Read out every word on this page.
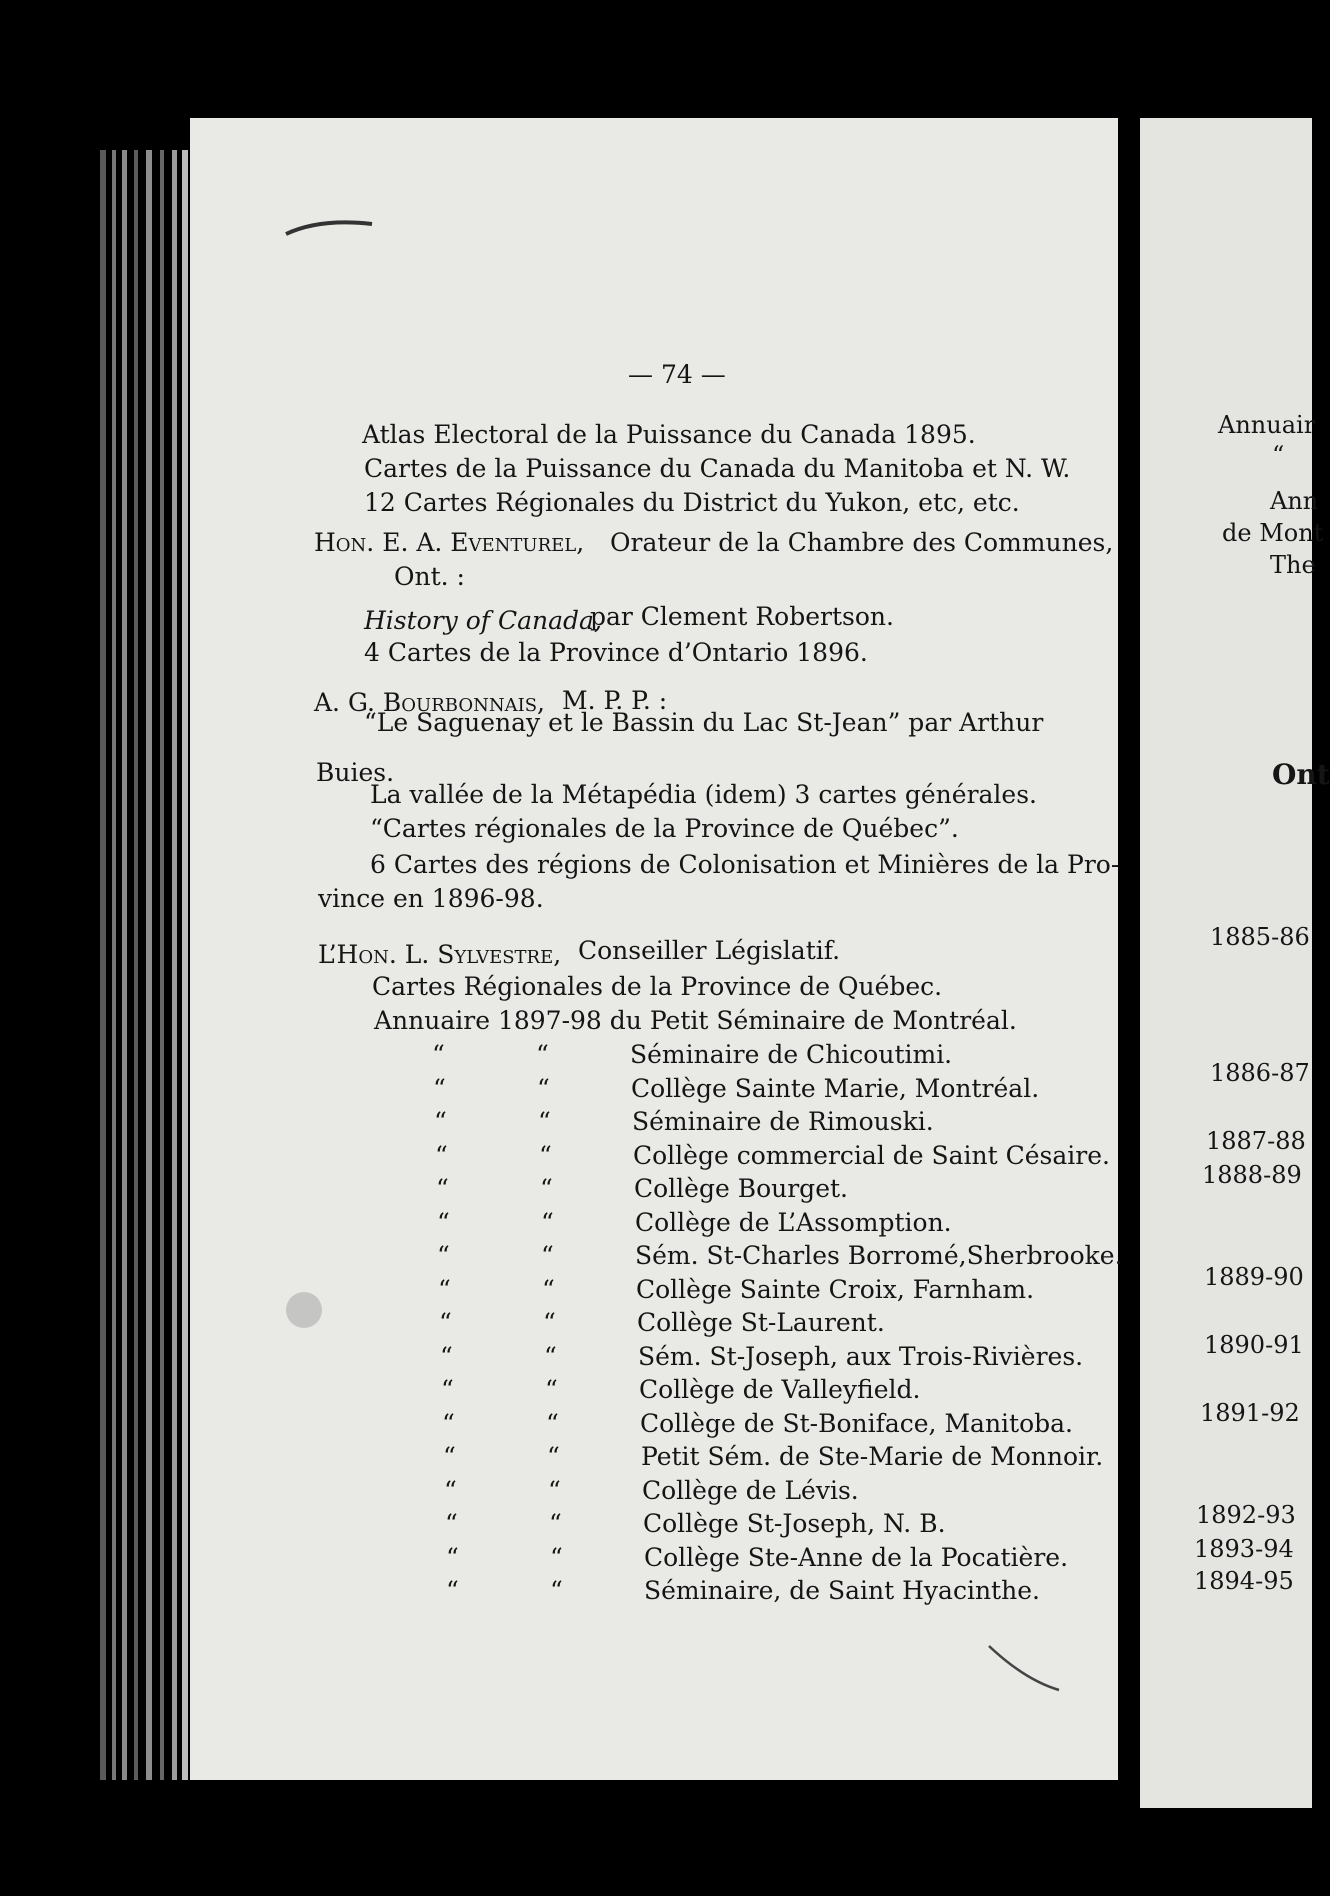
— 74 —
Atlas Electoral de la Puissance du Canada 1895.
Cartes de la Puissance du Canada du Manitoba et N. W.
12 Cartes Régionales du District du Yukon, etc, etc.
Hon. E. A. Eventurel, Orateur de la Chambre des Communes,
Ont. :
History of Canada,
par Clement Robertson.
4 Cartes de la Province d’Ontario 1896.
A. G. Bourbonnais, M. P. P. :
“Le Saguenay et le Bassin du Lac St-Jean” par Arthur
Buies.
La vallée de la Métapédia (idem) 3 cartes générales.
“Cartes régionales de la Province de Québec”.
6 Cartes des régions de Colonisation et Minières de la Pro-
vince en 1896-98.
L’Hon. L. Sylvestre, Conseiller Législatif.
Cartes Régionales de la Province de Québec.
Annuaire 1897-98 du Petit Séminaire de Montréal.
“	“	Séminaire de Chicoutimi.
“	“	Collège Sainte Marie, Montréal.
“	“	Séminaire de Rimouski.
“	“	Collège commercial de Saint Césaire.
“	“	Collège Bourget.
“	“	Collège de L’Assomption.
“	“	Sém. St-Charles Borromé,Sherbrooke.
“	“	Collège Sainte Croix, Farnham.
“	“	Collège St-Laurent.
“	“	Sém. St-Joseph, aux Trois-Rivières.
“	“	Collège de Valleyfield.
“	“	Collège de St-Boniface, Manitoba.
“	“	Petit Sém. de Ste-Marie de Monnoir.
“	“	Collège de Lévis.
“	“	Collège St-Joseph, N. B.
“	“	Collège Ste-Anne de la Pocatière.
“	“	Séminaire, de Saint Hyacinthe.
Annuair
“
Ann
de Mont
The
Ont
1885-86
1886-87
1887-88
1888-89
1889-90
1890-91
1891-92
1892-93
1893-94
1894-95
